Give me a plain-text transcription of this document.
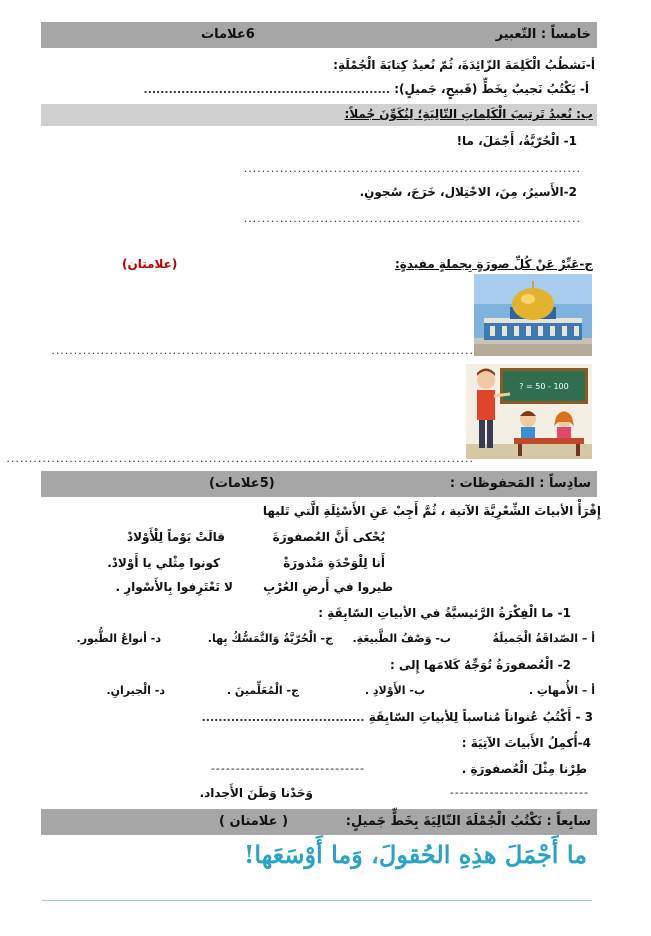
خامساً : التّعبير
6علامات
أ-نَشطُبُ الْكَلِمَةَ الزّائِدَةَ، ثُمّ نُعيدُ كِتابَةَ الْجُمْلَةِ:
أ- يَكْتُبُ نَجيبٌ بِخَطٍّ (قَبيحٍ، جَميلٍ): ...........................................................
ب: نُعيدُ تَرتيبَ الْكَلِماتِ التّالِيَةِ؛ لِنُكَوِّنَ جُملاً:
1- الْحُرّيَّةُ، أَجْمَلَ، ما!
...........................................................................
2-الأَسيرُ، مِنَ، الاحْتِلال، خَرَجَ، سُجونِ.
...........................................................................
ج-عَبِّرْ عَنْ كُلِّ صورَةٍ بِجملةٍ مفيدةٍ:
(علامتان)
..............................................................................................
100 - 50 = ?
........................................................................................................
سادِساً : المَحفوظات :
(5علامات)
إِقْرَأْ الأبياتَ الشِّعْرِيَّةَ الآتية ، ثُمَّ أَجِبْ عَنِ الأَسْئِلَةِ الَّتي تَليها
يُحْكى أَنَّ العُصفورَةَ
قالَتْ يَوْماً لِلْأَوْلادْ
أَنا لِلْوَحْدَةِ مَنْذورَةْ
كونوا مِثْلي يا أَوْلادْ.
طيروا في أَرضِ العُرْبِ
لا تَعْتَرِفوا بِالأَسْوارِ .
1- ما الْفِكْرَةُ الرَّئيسيَّةُ في الأبياتِ السّابِقَةِ :
أ – الصّداقَةُ الْجَميلَةُ
ب- وَصْفُ الطَّبيعَةِ.
ج- الْحُرّيَّةُ وَالتَّمَسُّكُ بِها.
د- أنواعُ الطُّيور.
2- الْعُصفورَةُ تُوَجِّهُ كَلامَها إِلى :
أ – الأُمهاتِ .
ب- الأَوْلادِ .
ج- الْمُعَلِّمينَ .
د- الْجيرانِ.
3 - أَكْتُبُ عُنواناً مُناسباً لِلأبياتِ السّابِقَةِ .......................................
4-أُكمِلُ الأَبياتَ الآتِيَةَ :
طِرْنا مِثْلَ الْعُصفورَةِ .
-------------------------------
----------------------------
وَحَدْنا وَطَنَ الأَجداد.
سابِعاً : نَكْتُبُ الْجُمْلَةَ التّالِيَةَ بِخَطٍّ جَميلٍ:
( علامتان )
ما أَجْمَلَ هذِهِ الحُقولَ، وَما أَوْسَعَها!
